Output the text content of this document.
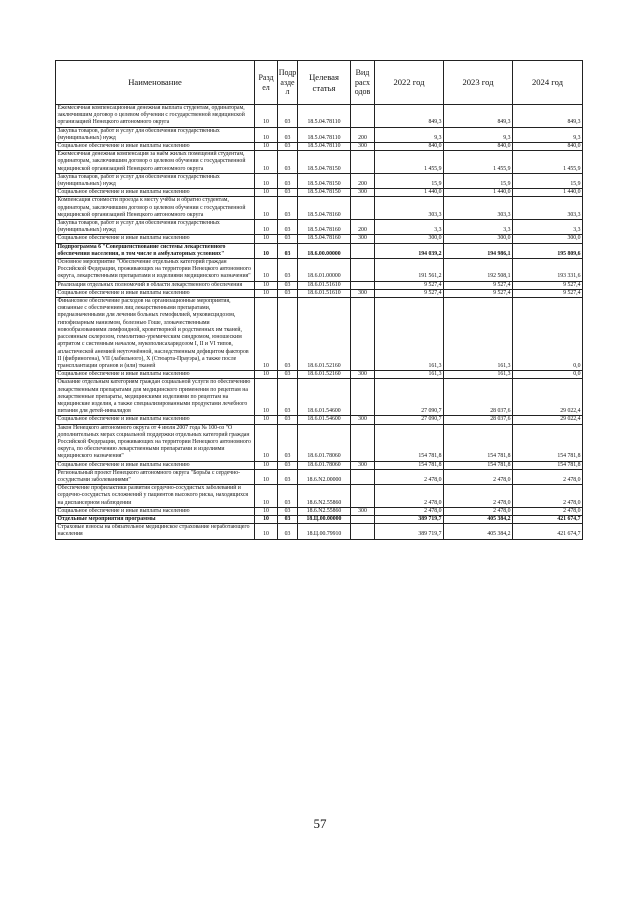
Наименование	Разд ел	Подр азде л	Целевая статья	Вид расх одов	2022 год	2023 год	2024 год
Ежемесячная компенсационная денежная выплата студентам, ординаторам, заключившим договор о целевом обучении с государственной медицинской организацией Ненецкого автономного округа	10	03	18.5.04.78110		849,3	849,3	849,3
Закупка товаров, работ и услуг для обеспечения государственных (муниципальных) нужд	10	03	18.5.04.78110	200	9,3	9,3	9,3
Социальное обеспечение и иные выплаты населению	10	03	18.5.04.78110	300	840,0	840,0	840,0
Ежемесячная денежная компенсация за наём жилых помещений студентам, ординаторам, заключившим договор о целевом обучении с государственной медицинской организацией Ненецкого автономного округа	10	03	18.5.04.78150		1 455,9	1 455,9	1 455,9
Закупка товаров, работ и услуг для обеспечения государственных (муниципальных) нужд	10	03	18.5.04.78150	200	15,9	15,9	15,9
Социальное обеспечение и иные выплаты населению	10	03	18.5.04.78150	300	1 440,0	1 440,0	1 440,0
Компенсация стоимости проезда к месту учёбы и обратно студентам, ординаторам, заключившим договор о целевом обучении с государственной медицинской организацией Ненецкого автономного округа	10	03	18.5.04.78160		303,3	303,3	303,3
Закупка товаров, работ и услуг для обеспечения государственных (муниципальных) нужд	10	03	18.5.04.78160	200	3,3	3,3	3,3
Социальное обеспечение и иные выплаты населению	10	03	18.5.04.78160	300	300,0	300,0	300,0
Подпрограмма 6 "Совершенствование системы лекарственного обеспечения населения, в том числе в амбулаторных условиях"	10	03	18.6.00.00000		194 039,2	194 986,1	195 809,6
Основное мероприятие "Обеспечение отдельных категорий граждан Российской Федерации, проживающих на территории Ненецкого автономного округа, лекарственными препаратами и изделиями медицинского назначения"	10	03	18.6.01.00000		191 561,2	192 508,1	193 331,6
Реализация отдельных полномочий в области лекарственного обеспечения	10	03	18.6.01.51610		9 527,4	9 527,4	9 527,4
Социальное обеспечение и иные выплаты населению	10	03	18.6.01.51610	300	9 527,4	9 527,4	9 527,4
Финансовое обеспечение расходов на организационные мероприятия, связанные с обеспечением лиц лекарственными препаратами, предназначенными для лечения больных гемофилией, муковисцидозом, гипофизарным нанизмом, болезнью Гоше, злокачественными новообразованиями лимфоидной, кроветворной и родственных им тканей, рассеянным склерозом, гемолитико-уремическим синдромом, юношеским артритом с системным началом, мукополисахаридозом I, II и VI типов, апластической анемией неуточнённой, наследственным дефицитом факторов II (фибриногена), VII (лабильного), X (Стюарта-Прауэра), а также после трансплантации органов и (или) тканей	10	03	18.6.01.52160		161,3	161,3	0,0
Социальное обеспечение и иные выплаты населению	10	03	18.6.01.52160	300	161,3	161,3	0,0
Оказание отдельным категориям граждан социальной услуги по обеспечению лекарственными препаратами для медицинского применения по рецептам на лекарственные препараты, медицинскими изделиями по рецептам на медицинские изделия, а также специализированными продуктами лечебного питания для детей-инвалидов	10	03	18.6.01.54600		27 090,7	28 037,6	29 022,4
Социальное обеспечение и иные выплаты населению	10	03	18.6.01.54600	300	27 090,7	28 037,6	29 022,4
Закон Ненецкого автономного округа от 4 июля 2007 года № 100-оз "О дополнительных мерах социальной поддержки отдельных категорий граждан Российской Федерации, проживающих на территории Ненецкого автономного округа, по обеспечению лекарственными препаратами и изделиями медицинского назначения"	10	03	18.6.01.78060		154 781,8	154 781,8	154 781,8
Социальное обеспечение и иные выплаты населению	10	03	18.6.01.78060	300	154 781,8	154 781,8	154 781,8
Региональный проект Ненецкого автономного округа "Борьба с сердечно-сосудистыми заболеваниями"	10	03	18.6.N2.00000		2 478,0	2 478,0	2 478,0
Обеспечение профилактики развития сердечно-сосудистых заболеваний и сердечно-сосудистых осложнений у пациентов высокого риска, находящихся на диспансерном наблюдении	10	03	18.6.N2.55860		2 478,0	2 478,0	2 478,0
Социальное обеспечение и иные выплаты населению	10	03	18.6.N2.55860	300	2 478,0	2 478,0	2 478,0
Отдельные мероприятия программы	10	03	18.Ц.00.00000		389 719,7	405 384,2	421 674,7
Страховые взносы на обязательное медицинское страхование неработающего населения	10	03	18.Ц.00.79910		389 719,7	405 384,2	421 674,7
57
